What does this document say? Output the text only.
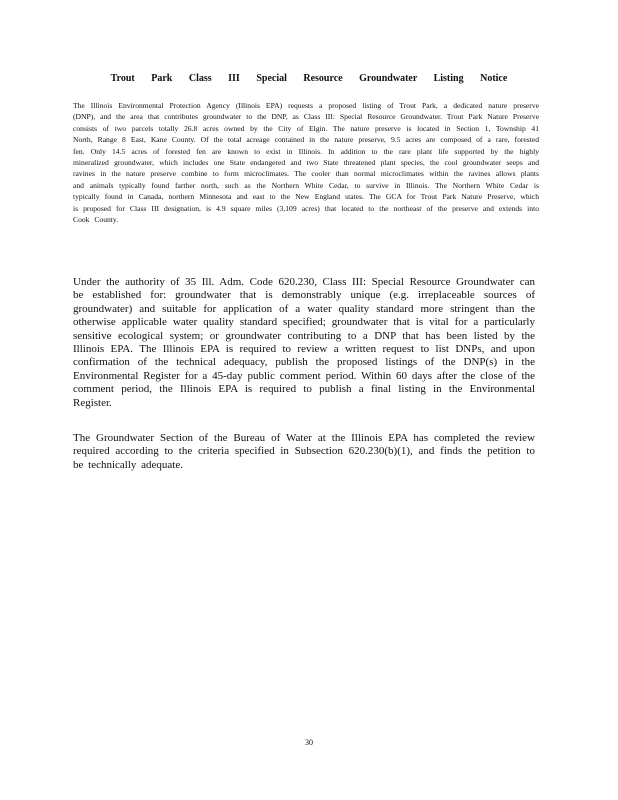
Trout Park Class III Special Resource Groundwater Listing Notice
The Illinois Environmental Protection Agency (Illinois EPA) requests a proposed listing of Trout Park, a dedicated nature preserve (DNP), and the area that contributes groundwater to the DNP, as Class III: Special Resource Groundwater. Trout Park Nature Preserve consists of two parcels totally 26.8 acres owned by the City of Elgin. The nature preserve is located in Section 1, Township 41 North, Range 8 East, Kane County. Of the total acreage contained in the nature preserve, 9.5 acres are composed of a rare, forested fen. Only 14.5 acres of forested fen are known to exist in Illinois. In addition to the rare plant life supported by the highly mineralized groundwater, which includes one State endangered and two State threatened plant species, the cool groundwater seeps and ravines in the nature preserve combine to form microclimates. The cooler than normal microclimates within the ravines allows plants and animals typically found farther north, such as the Northern White Cedar, to survive in Illinois. The Northern White Cedar is typically found in Canada, northern Minnesota and east to the New England states. The GCA for Trout Park Nature Preserve, which is proposed for Class III designation, is 4.9 square miles (3,109 acres) that located to the northeast of the preserve and extends into Cook County.
Under the authority of 35 Ill. Adm. Code 620.230, Class III: Special Resource Groundwater can be established for: groundwater that is demonstrably unique (e.g. irreplaceable sources of groundwater) and suitable for application of a water quality standard more stringent than the otherwise applicable water quality standard specified; groundwater that is vital for a particularly sensitive ecological system; or groundwater contributing to a DNP that has been listed by the Illinois EPA. The Illinois EPA is required to review a written request to list DNPs, and upon confirmation of the technical adequacy, publish the proposed listings of the DNP(s) in the Environmental Register for a 45-day public comment period. Within 60 days after the close of the comment period, the Illinois EPA is required to publish a final listing in the Environmental Register.
The Groundwater Section of the Bureau of Water at the Illinois EPA has completed the review required according to the criteria specified in Subsection 620.230(b)(1), and finds the petition to be technically adequate.
30
